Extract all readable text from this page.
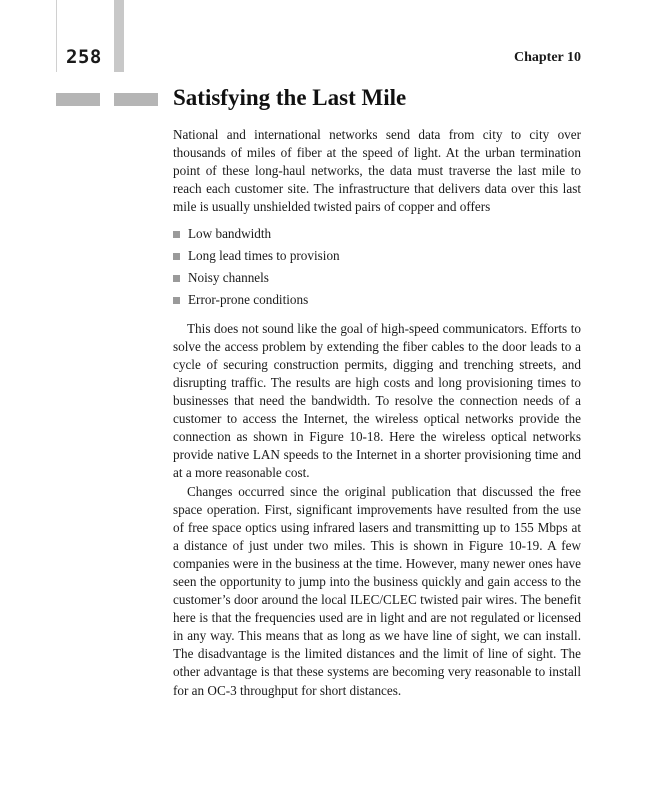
258	Chapter 10
Satisfying the Last Mile

National and international networks send data from city to city over thousands of miles of fiber at the speed of light. At the urban termination point of these long-haul networks, the data must traverse the last mile to reach each customer site. The infrastructure that delivers data over this last mile is usually unshielded twisted pairs of copper and offers

Low bandwidth
Long lead times to provision
Noisy channels
Error-prone conditions

This does not sound like the goal of high-speed communicators. Efforts to solve the access problem by extending the fiber cables to the door leads to a cycle of securing construction permits, digging and trenching streets, and disrupting traffic. The results are high costs and long provisioning times to businesses that need the bandwidth. To resolve the connection needs of a customer to access the Internet, the wireless optical networks provide the connection as shown in Figure 10-18. Here the wireless optical networks provide native LAN speeds to the Internet in a shorter provisioning time and at a more reasonable cost.

Changes occurred since the original publication that discussed the free space operation. First, significant improvements have resulted from the use of free space optics using infrared lasers and transmitting up to 155 Mbps at a distance of just under two miles. This is shown in Figure 10-19. A few companies were in the business at the time. However, many newer ones have seen the opportunity to jump into the business quickly and gain access to the customer’s door around the local ILEC/CLEC twisted pair wires. The benefit here is that the frequencies used are in light and are not regulated or licensed in any way. This means that as long as we have line of sight, we can install. The disadvantage is the limited distances and the limit of line of sight. The other advantage is that these systems are becoming very reasonable to install for an OC-3 throughput for short distances.
